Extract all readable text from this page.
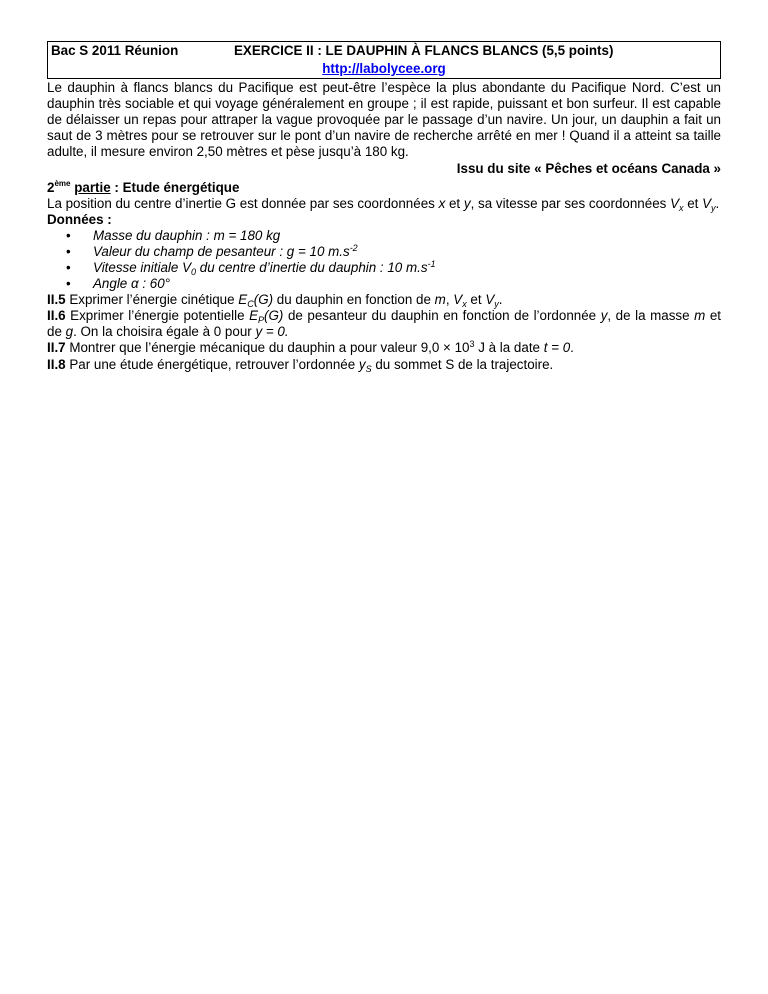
Bac S 2011 Réunion	EXERCICE II : LE DAUPHIN À FLANCS BLANCS (5,5 points)
http://labolycee.org

Le dauphin à flancs blancs du Pacifique est peut-être l’espèce la plus abondante du Pacifique Nord. C’est un dauphin très sociable et qui voyage généralement en groupe ; il est rapide, puissant et bon surfeur. Il est capable de délaisser un repas pour attraper la vague provoquée par le passage d’un navire. Un jour, un dauphin a fait un saut de 3 mètres pour se retrouver sur le pont d’un navire de recherche arrêté en mer ! Quand il a atteint sa taille adulte, il mesure environ 2,50 mètres et pèse jusqu’à 180 kg.

Issu du site « Pêches et océans Canada »

2ème partie : Etude énergétique

La position du centre d’inertie G est donnée par ses coordonnées x et y, sa vitesse par ses coordonnées $V_x$ et $V_y$.

Données :

• Masse du dauphin : m = 180 kg
• Valeur du champ de pesanteur : g = 10 $m.s^{-2}$
• Vitesse initiale $V_0$ du centre d’inertie du dauphin : 10 $m.s^{-1}$
• Angle α : 60°

II.5 Exprimer l’énergie cinétique $E_C(G)$ du dauphin en fonction de m, $V_x$ et $V_y$.

II.6 Exprimer l’énergie potentielle $E_P(G)$ de pesanteur du dauphin en fonction de l’ordonnée y, de la masse m et de g. On la choisira égale à 0 pour y = 0.

II.7 Montrer que l’énergie mécanique du dauphin a pour valeur $9,0 \times 10^3$ J à la date t = 0.

II.8 Par une étude énergétique, retrouver l’ordonnée $y_S$ du sommet S de la trajectoire.
